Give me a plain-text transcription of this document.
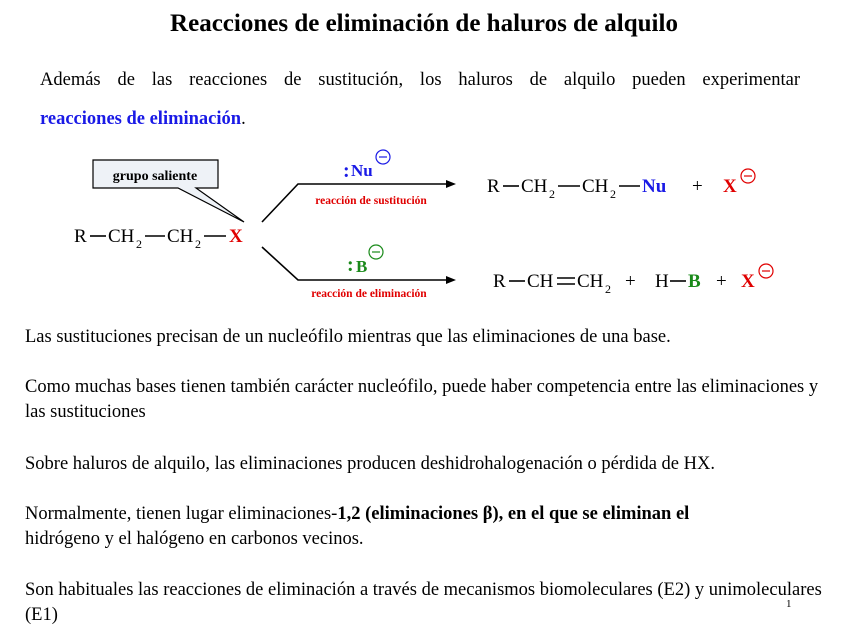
Reacciones de eliminación de haluros de alquilo
Además de las reacciones de sustitución, los haluros de alquilo pueden experimentar
reacciones de eliminación.
grupo saliente
R CH 2 CH 2 X
: Nu
reacción de sustitución
: B
reacción de eliminación
R CH 2 CH 2 Nu + X
R CH CH 2 + H B + X
Las sustituciones precisan de un nucleófilo mientras que las eliminaciones de una base.
Como muchas bases tienen también carácter nucleófilo, puede haber competencia entre las eliminaciones y las sustituciones
Sobre haluros de alquilo, las eliminaciones producen deshidrohalogenación o pérdida de HX.
Normalmente, tienen lugar eliminaciones-1,2 (eliminaciones β), en el que se eliminan el
hidrógeno y el halógeno en carbonos vecinos.
Son habituales las reacciones de eliminación a través de mecanismos biomoleculares (E2) y unimoleculares (E1)
1
